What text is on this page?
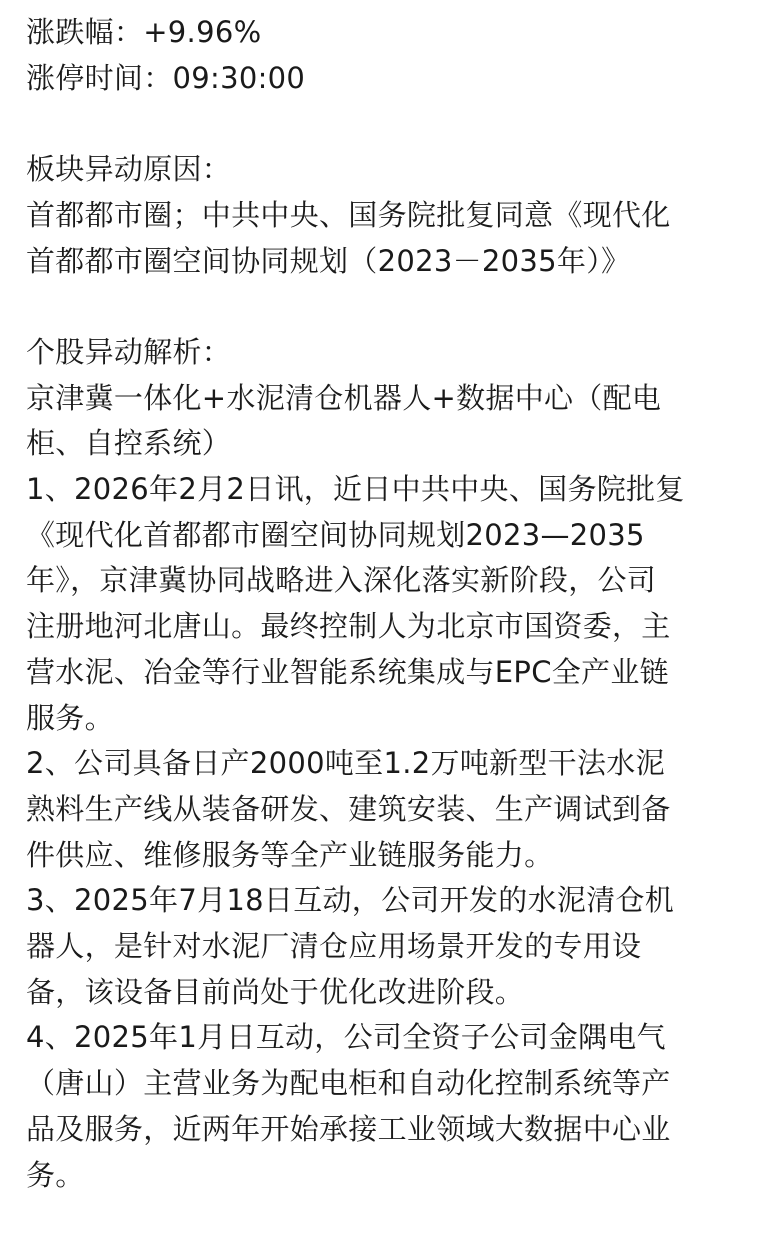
涨跌幅：+9.96%
涨停时间：09:30:00
板块异动原因：
首都都市圈；中共中央、国务院批复同意《现代化
首都都市圈空间协同规划（2023－2035年）》
个股异动解析：
京津冀一体化+水泥清仓机器人+数据中心（配电
柜、自控系统）
1、2026年2月2日讯，近日中共中央、国务院批复
《现代化首都都市圈空间协同规划2023—2035
年》，京津冀协同战略进入深化落实新阶段，公司
注册地河北唐山。最终控制人为北京市国资委，主
营水泥、冶金等行业智能系统集成与EPC全产业链
服务。
2、公司具备日产2000吨至1.2万吨新型干法水泥
熟料生产线从装备研发、建筑安装、生产调试到备
件供应、维修服务等全产业链服务能力。
3、2025年7月18日互动，公司开发的水泥清仓机
器人，是针对水泥厂清仓应用场景开发的专用设
备，该设备目前尚处于优化改进阶段。
4、2025年1月日互动，公司全资子公司金隅电气
（唐山）主营业务为配电柜和自动化控制系统等产
品及服务，近两年开始承接工业领域大数据中心业
务。
